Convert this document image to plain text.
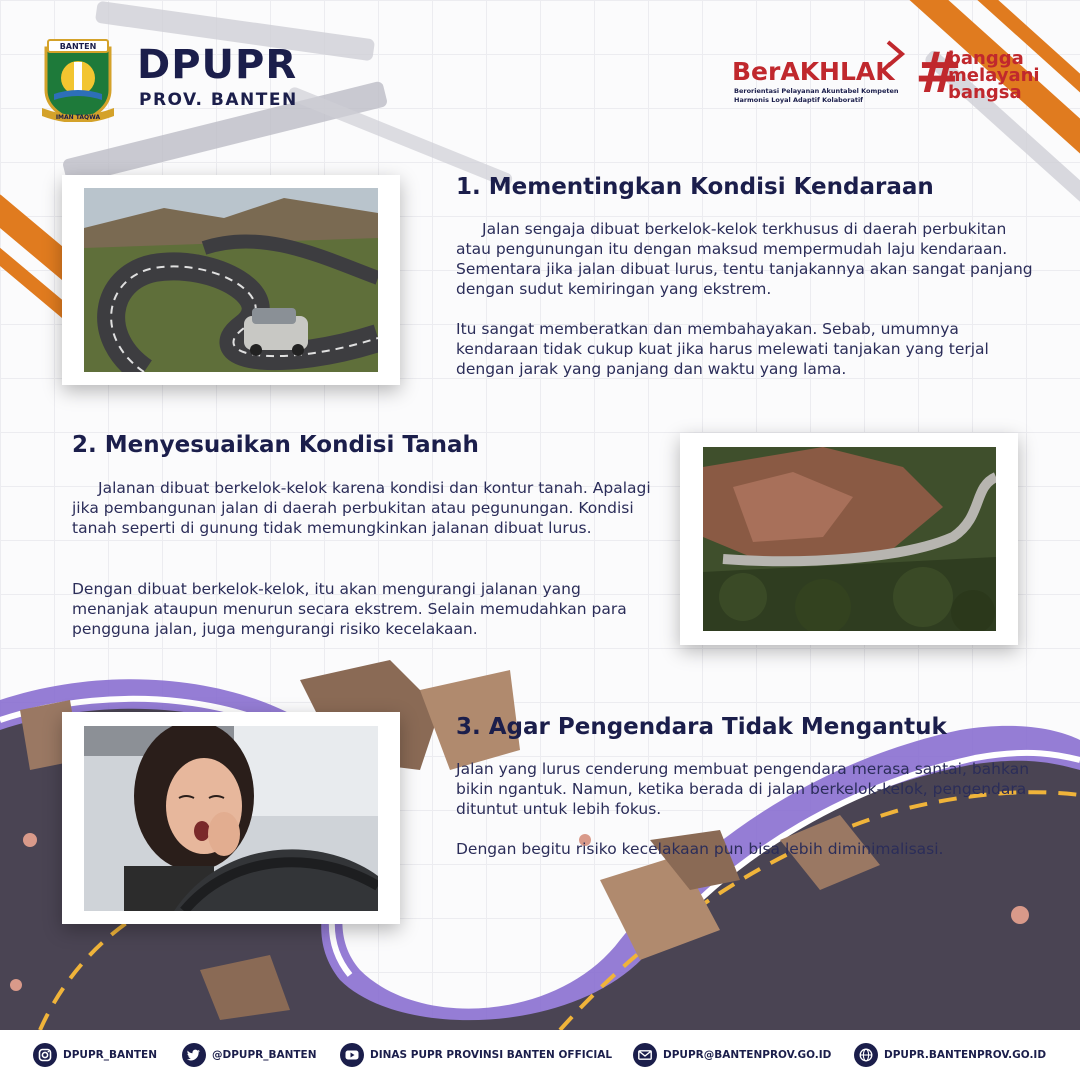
BANTEN
IMAN TAQWA
DPUPR
PROV. BANTEN
BerAKHLAK
Berorientasi Pelayanan Akuntabel Kompeten
Harmonis Loyal Adaptif Kolaboratif #
bangga
melayani
bangsa
1. Mementingkan Kondisi Kendaraan
Jalan sengaja dibuat berkelok-kelok terkhusus di daerah perbukitan atau pengunungan itu dengan maksud mempermudah laju kendaraan. Sementara jika jalan dibuat lurus, tentu tanjakannya akan sangat panjang dengan sudut kemiringan yang ekstrem.
Itu sangat memberatkan dan membahayakan. Sebab, umumnya kendaraan tidak cukup kuat jika harus melewati tanjakan yang terjal dengan jarak yang panjang dan waktu yang lama.
2. Menyesuaikan Kondisi Tanah
Jalanan dibuat berkelok-kelok karena kondisi dan kontur tanah. Apalagi jika pembangunan jalan di daerah perbukitan atau pegunungan. Kondisi tanah seperti di gunung tidak memungkinkan jalanan dibuat lurus.
Dengan dibuat berkelok-kelok, itu akan mengurangi jalanan yang menanjak ataupun menurun secara ekstrem. Selain memudahkan para pengguna jalan, juga mengurangi risiko kecelakaan.
3. Agar Pengendara Tidak Mengantuk
Jalan yang lurus cenderung membuat pengendara merasa santai, bahkan bikin ngantuk. Namun, ketika berada di jalan berkelok-kelok, pengendara dituntut untuk lebih fokus.
Dengan begitu risiko kecelakaan pun bisa lebih diminimalisasi.
DPUPR_BANTEN	@DPUPR_BANTEN	DINAS PUPR PROVINSI BANTEN OFFICIAL	DPUPR@BANTENPROV.GO.ID	DPUPR.BANTENPROV.GO.ID
